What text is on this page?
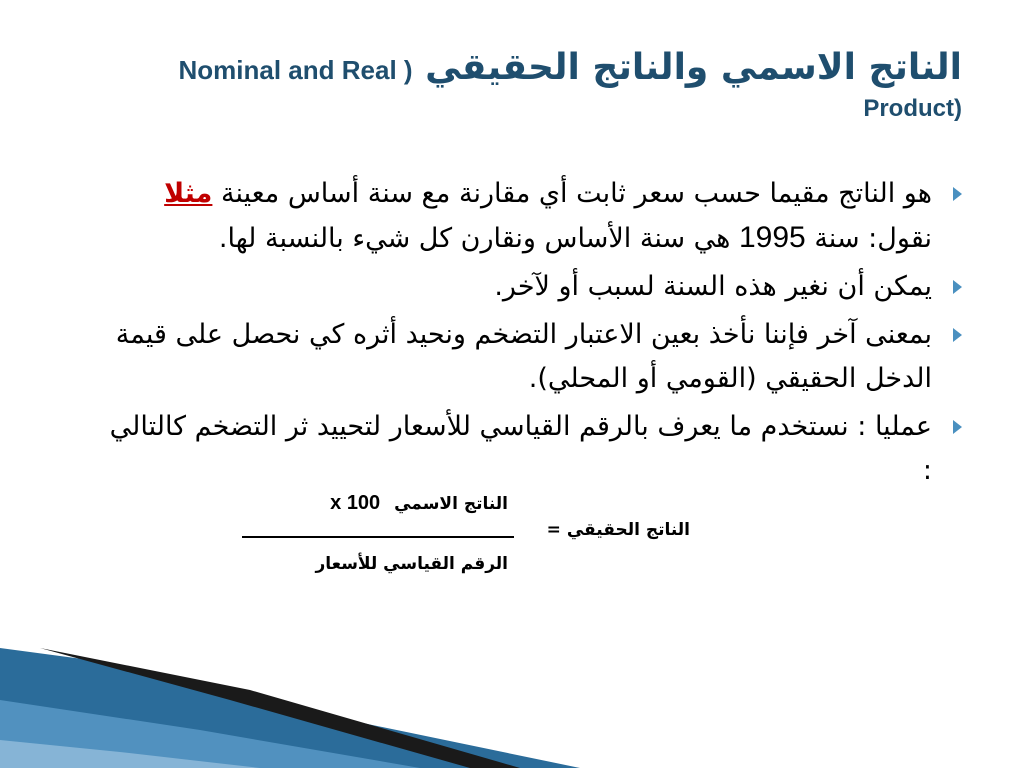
الناتج الاسمي والناتج الحقيقي ( Nominal and Real
(Product
هو الناتج مقيما حسب سعر ثابت أي مقارنة مع سنة أساس معينة مثلا نقول: سنة 1995 هي سنة الأساس ونقارن كل شيء بالنسبة لها.
يمكن أن نغير هذه السنة لسبب أو لآخر.
بمعنى آخر فإننا نأخذ بعين الاعتبار التضخم ونحيد أثره كي نحصل على قيمة الدخل الحقيقي (القومي أو المحلي).
عمليا : نستخدم ما يعرف بالرقم القياسي للأسعار لتحييد ثر التضخم كالتالي :
الناتج الاسمي 100 x
الناتج الحقيقي =
الرقم القياسي للأسعار
